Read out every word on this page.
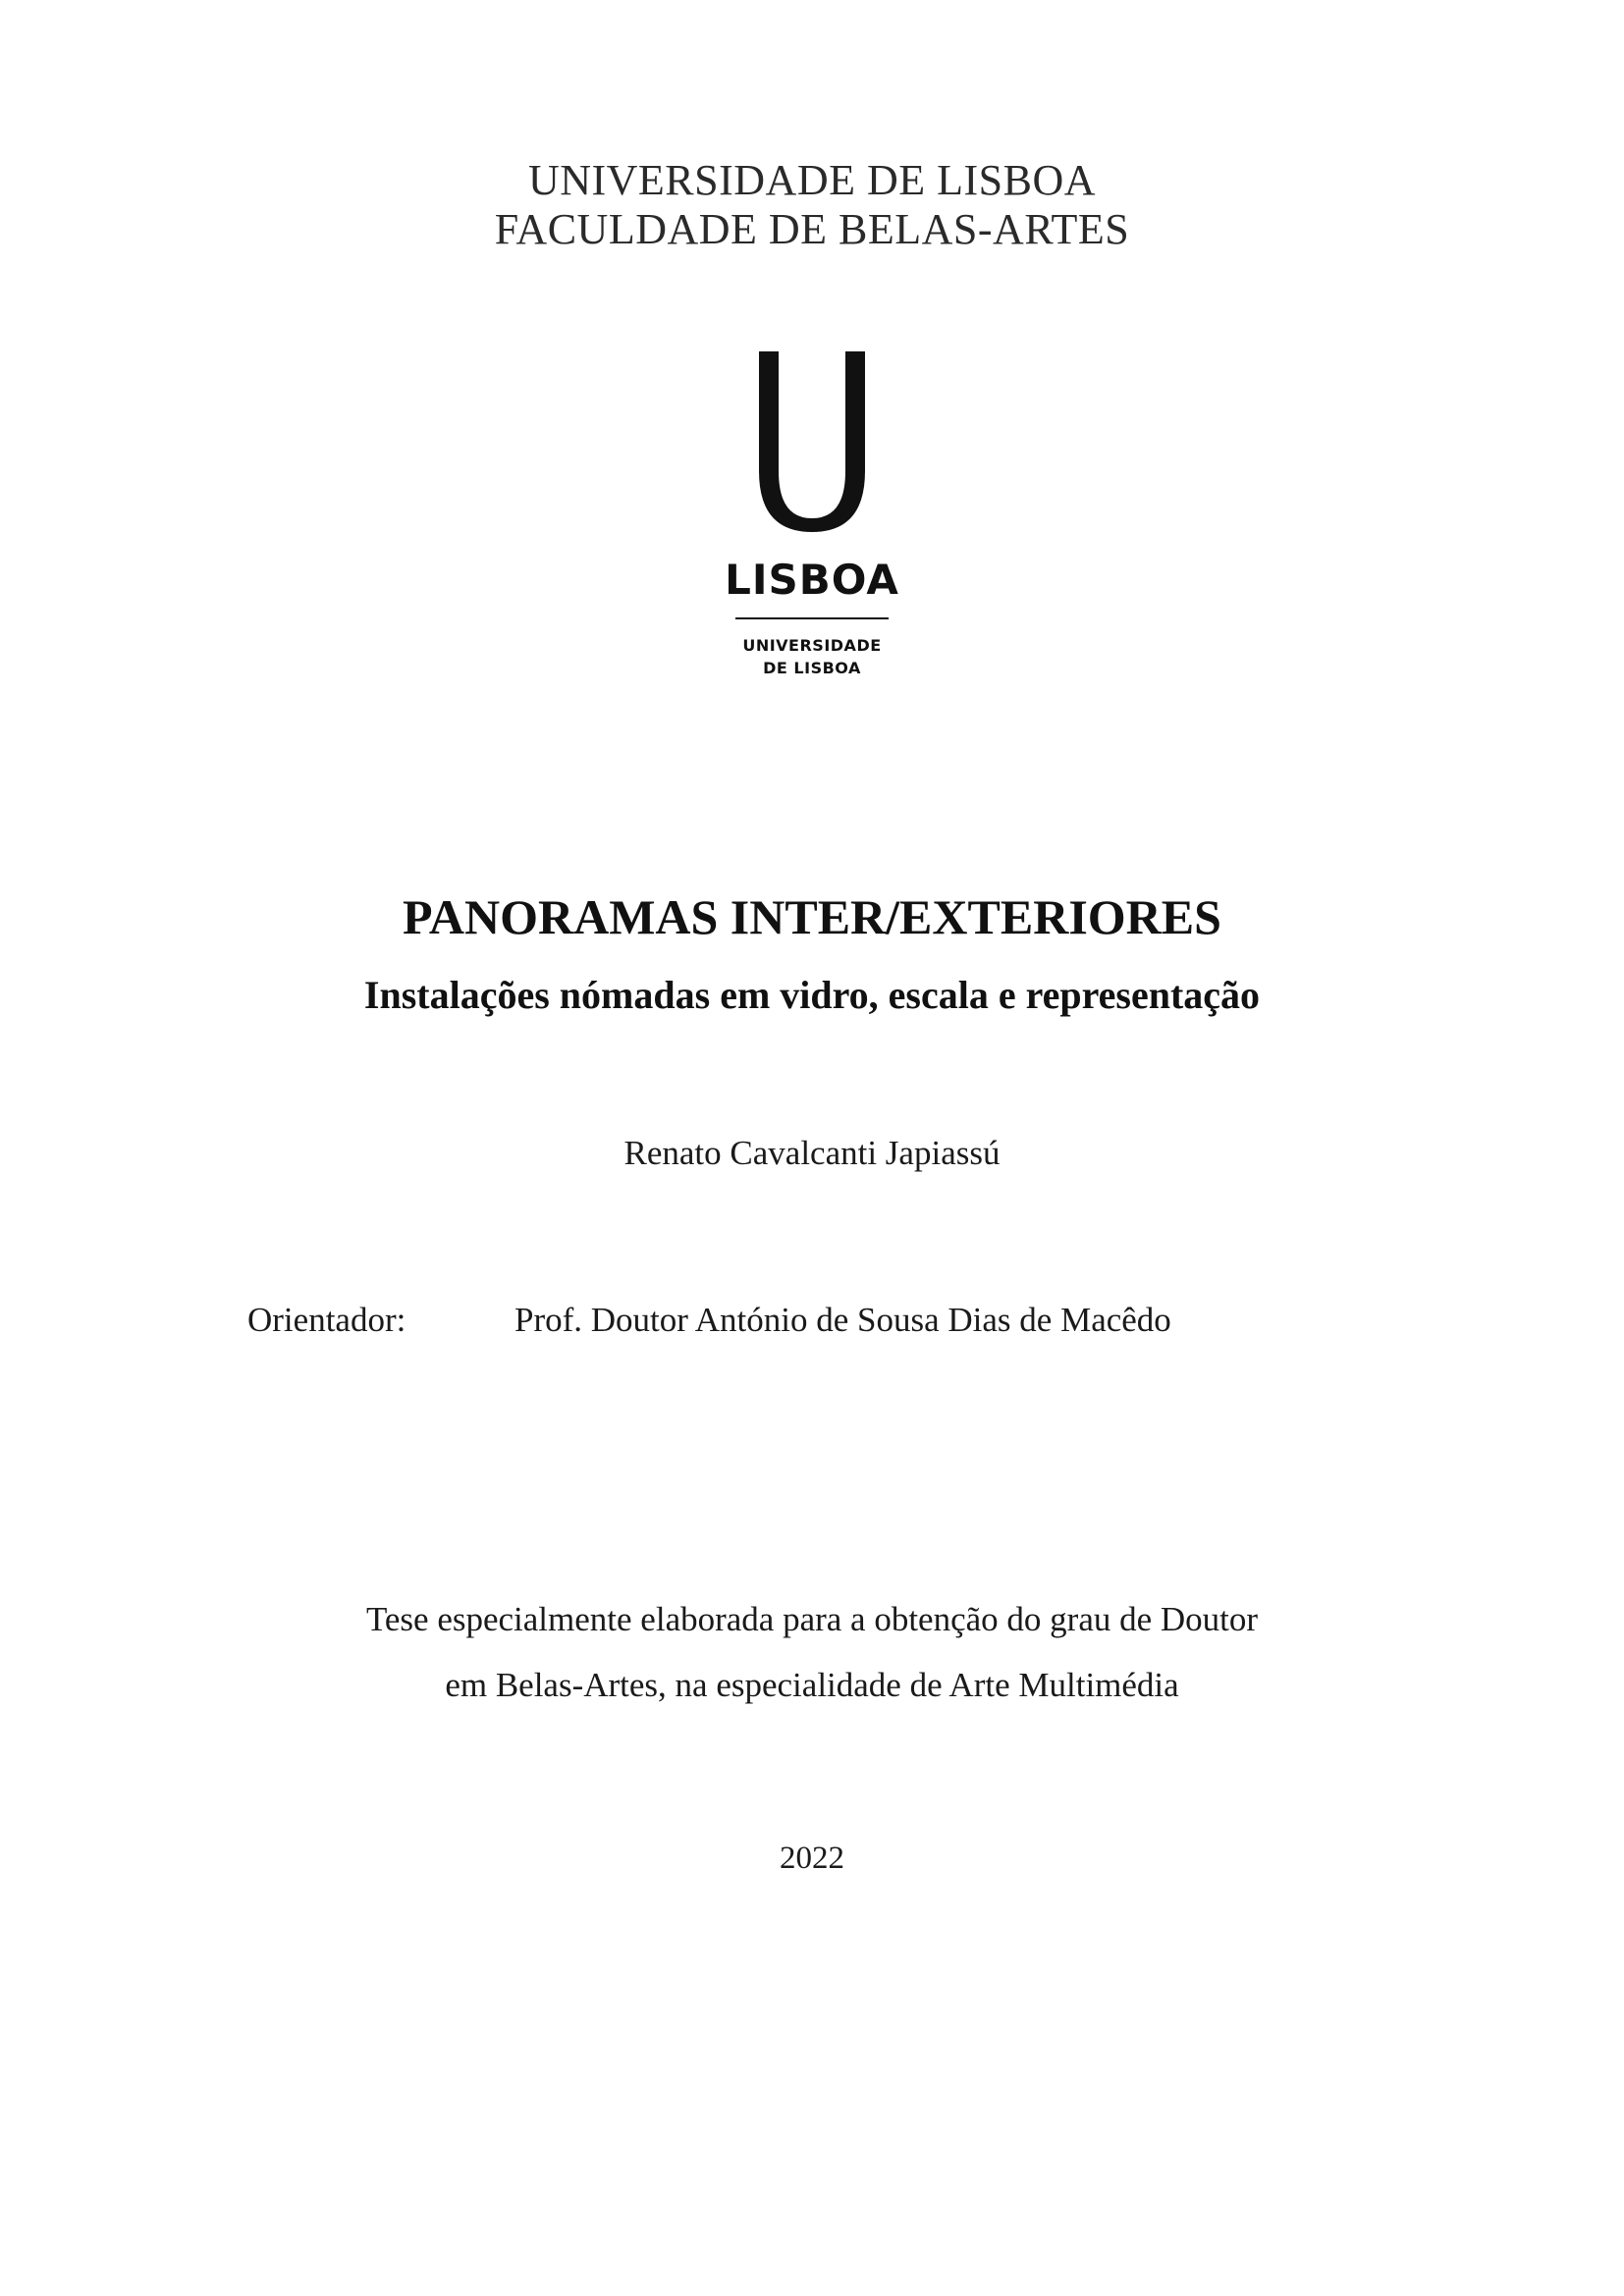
UNIVERSIDADE DE LISBOA
FACULDADE DE BELAS-ARTES
LISBOA
UNIVERSIDADE
DE LISBOA
PANORAMAS INTER/EXTERIORES
Instalações nómadas em vidro, escala e representação
Renato Cavalcanti Japiassú
Orientador:	Prof. Doutor António de Sousa Dias de Macêdo
Tese especialmente elaborada para a obtenção do grau de Doutor
em Belas-Artes, na especialidade de Arte Multimédia
2022
